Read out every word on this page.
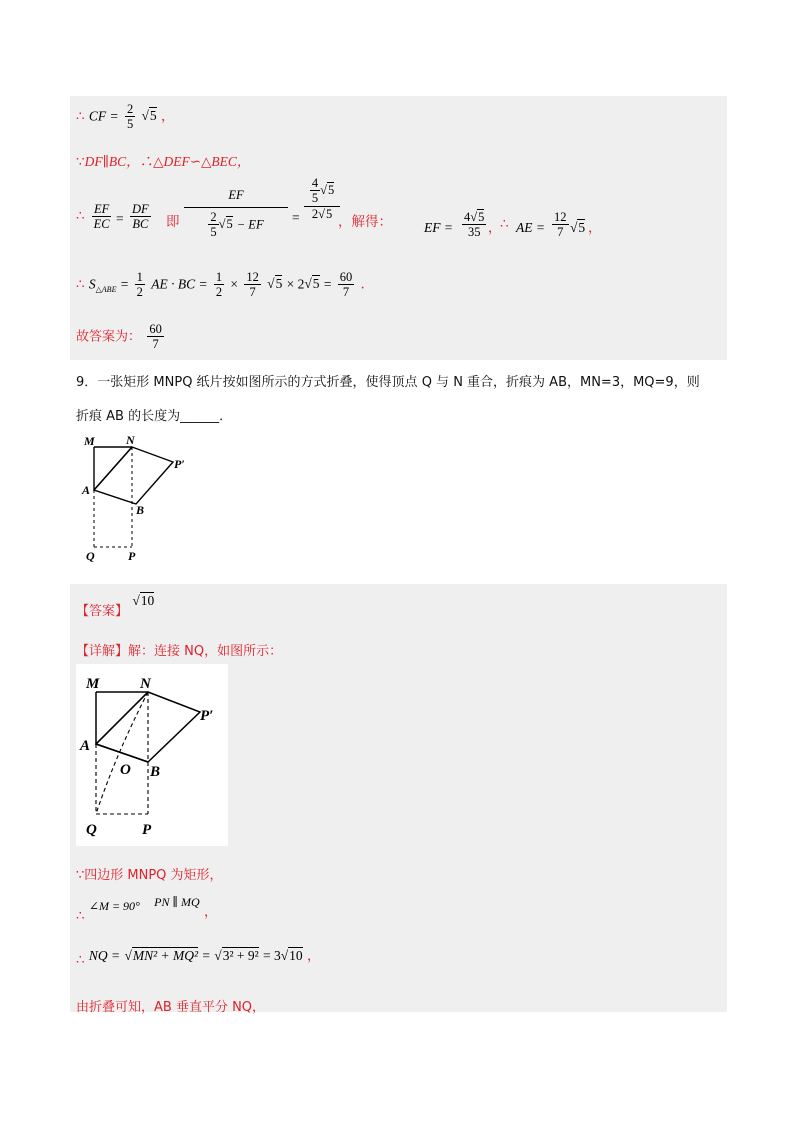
∴ CF = $\frac{2}{5} √5$ ，
∵DF∥BC，∴△DEF∽△BEC，
∴ $\frac{EF}{EC} = \frac{DF}{BC}$ 即 $\frac{EF}{\frac{2}{5} √5 - EF}$ =
$\frac{4}{5} √5$
2√5
，解得： EF = $\frac{4√5}{35}$ ，
∴ AE = $\frac{12}{7} √5$ ，
∴ $S_{\triangle ABE} = \frac{1}{2}$ AE · BC = $\frac{1}{2} \times \frac{12}{7} √5 \times 2√5 = \frac{60}{7}$ .
故答案为： $\frac{60}{7}$
9．一张矩形 MNPQ 纸片按如图所示的方式折叠，使得顶点 Q 与 N 重合，折痕为 AB，MN=3，MQ=9，则
折痕 AB 的长度为______．
M	N
P′
A
B
Q	P
【答案】 √10
【详解】解：连接 NQ，如图所示：
M	N
P′
A
O B
Q	P
∵四边形 MNPQ 为矩形，
∴ ∠M = 90° PN ∥ MQ ，
∴ NQ = √MN² + MQ² = √3² + 9² = 3√10 ，
由折叠可知，AB 垂直平分 NQ，
